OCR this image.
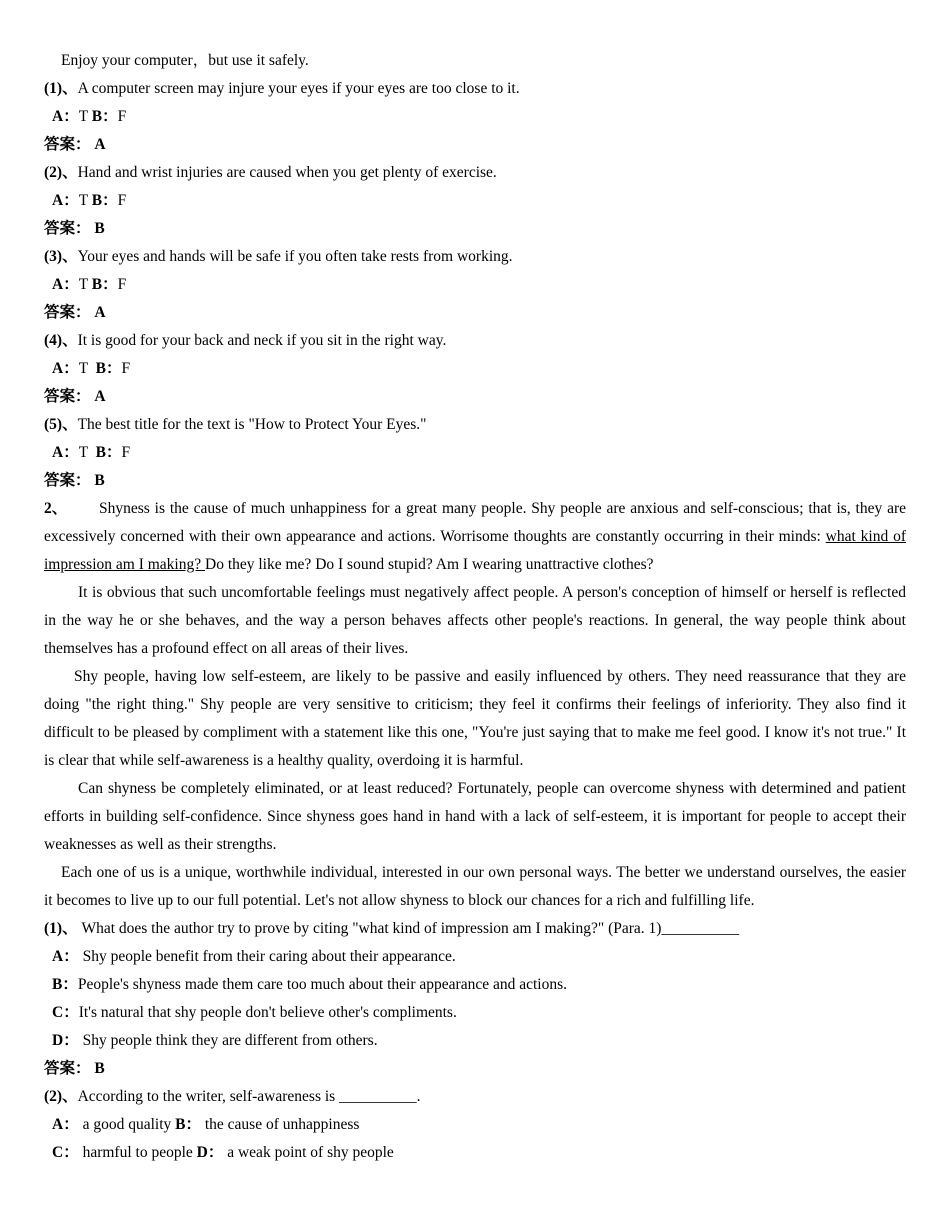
Enjoy your computer，but use it safely.
(1)、A computer screen may injure your eyes if your eyes are too close to it.
A：T B：F
答案： A
(2)、Hand and wrist injuries are caused when you get plenty of exercise.
A：T B：F
答案： B
(3)、Your eyes and hands will be safe if you often take rests from working.
A：T B：F
答案： A
(4)、It is good for your back and neck if you sit in the right way.
A：T  B：F
答案： A
(5)、The best title for the text is "How to Protect Your Eyes."
A：T  B：F
答案： B
2、 Shyness is the cause of much unhappiness for a great many people. Shy people are anxious and self-conscious; that is, they are excessively concerned with their own appearance and actions. Worrisome thoughts are constantly occurring in their minds: what kind of impression am I making? Do they like me? Do I sound stupid? Am I wearing unattractive clothes?
It is obvious that such uncomfortable feelings must negatively affect people. A person's conception of himself or herself is reflected in the way he or she behaves, and the way a person behaves affects other people's reactions. In general, the way people think about themselves has a profound effect on all areas of their lives.
Shy people, having low self-esteem, are likely to be passive and easily influenced by others. They need reassurance that they are doing "the right thing." Shy people are very sensitive to criticism; they feel it confirms their feelings of inferiority. They also find it difficult to be pleased by compliment with a statement like this one, "You're just saying that to make me feel good. I know it's not true." It is clear that while self-awareness is a healthy quality, overdoing it is harmful.
Can shyness be completely eliminated, or at least reduced? Fortunately, people can overcome shyness with determined and patient efforts in building self-confidence. Since shyness goes hand in hand with a lack of self-esteem, it is important for people to accept their weaknesses as well as their strengths.
Each one of us is a unique, worthwhile individual, interested in our own personal ways. The better we understand ourselves, the easier it becomes to live up to our full potential. Let's not allow shyness to block our chances for a rich and fulfilling life.
(1)、 What does the author try to prove by citing "what kind of impression am I making?" (Para. 1)__________
A： Shy people benefit from their caring about their appearance.
B：People's shyness made them care too much about their appearance and actions.
C：It's natural that shy people don't believe other's compliments.
D： Shy people think they are different from others.
答案： B
(2)、According to the writer, self-awareness is __________.
A： a good quality B： the cause of unhappiness
C： harmful to people D： a weak point of shy people
